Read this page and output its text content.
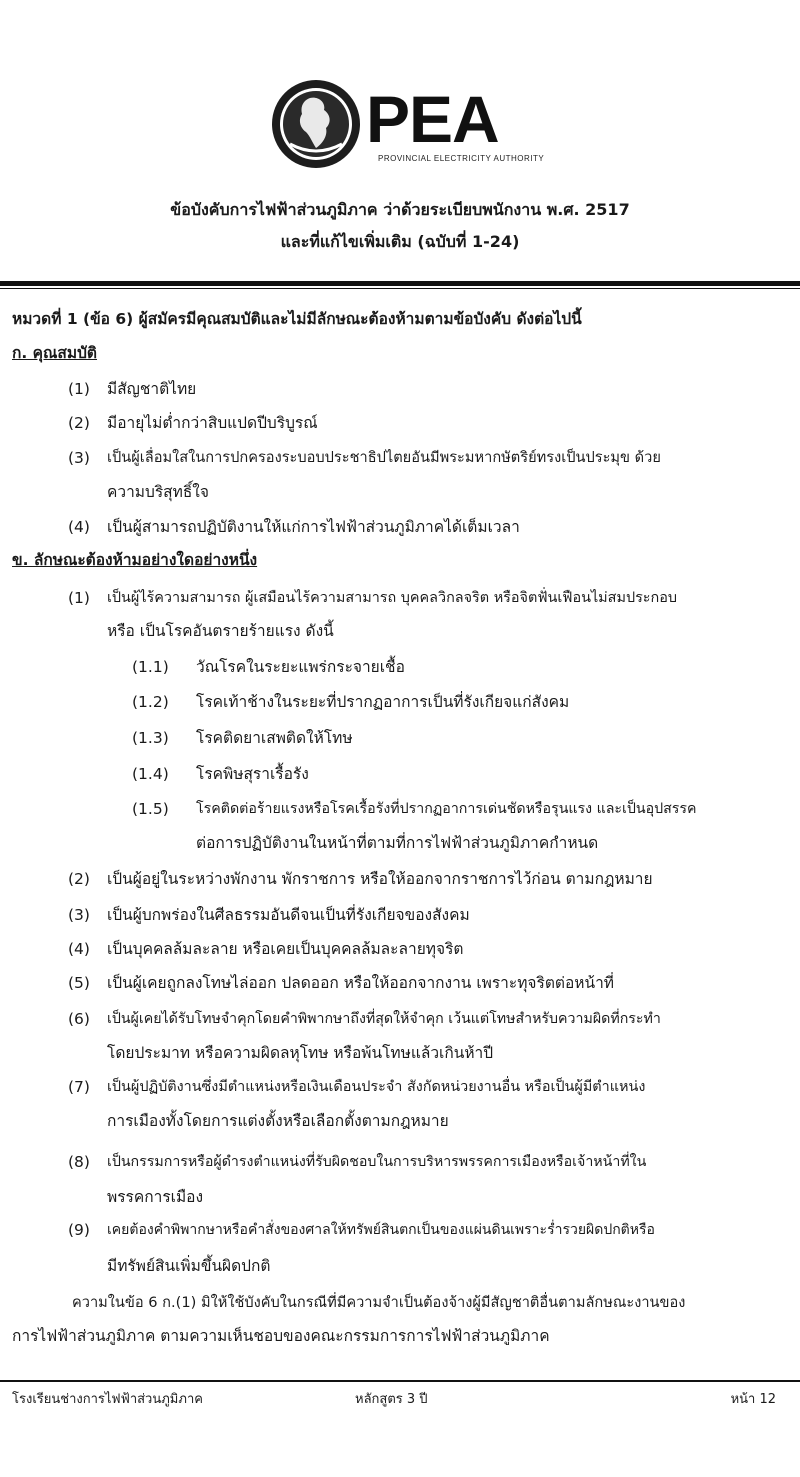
PEA
PROVINCIAL ELECTRICITY AUTHORITY
ข้อบังคับการไฟฟ้าส่วนภูมิภาค ว่าด้วยระเบียบพนักงาน พ.ศ. 2517
และที่แก้ไขเพิ่มเติม (ฉบับที่ 1-24)
หมวดที่ 1 (ข้อ 6) ผู้สมัครมีคุณสมบัติและไม่มีลักษณะต้องห้ามตามข้อบังคับ ดังต่อไปนี้
ก. คุณสมบัติ
(1) มีสัญชาติไทย
(2) มีอายุไม่ต่ำกว่าสิบแปดปีบริบูรณ์
(3) เป็นผู้เลื่อมใสในการปกครองระบอบประชาธิปไตยอันมีพระมหากษัตริย์ทรงเป็นประมุข ด้วย
ความบริสุทธิ์ใจ
(4) เป็นผู้สามารถปฏิบัติงานให้แก่การไฟฟ้าส่วนภูมิภาคได้เต็มเวลา
ข. ลักษณะต้องห้ามอย่างใดอย่างหนึ่ง
(1) เป็นผู้ไร้ความสามารถ ผู้เสมือนไร้ความสามารถ บุคคลวิกลจริต หรือจิตฟั่นเฟือนไม่สมประกอบ
หรือ เป็นโรคอันตรายร้ายแรง ดังนี้
(1.1) วัณโรคในระยะแพร่กระจายเชื้อ
(1.2) โรคเท้าช้างในระยะที่ปรากฏอาการเป็นที่รังเกียจแก่สังคม
(1.3) โรคติดยาเสพติดให้โทษ
(1.4) โรคพิษสุราเรื้อรัง
(1.5) โรคติดต่อร้ายแรงหรือโรคเรื้อรังที่ปรากฏอาการเด่นชัดหรือรุนแรง และเป็นอุปสรรค
ต่อการปฏิบัติงานในหน้าที่ตามที่การไฟฟ้าส่วนภูมิภาคกำหนด
(2) เป็นผู้อยู่ในระหว่างพักงาน พักราชการ หรือให้ออกจากราชการไว้ก่อน ตามกฎหมาย
(3) เป็นผู้บกพร่องในศีลธรรมอันดีจนเป็นที่รังเกียจของสังคม
(4) เป็นบุคคลล้มละลาย หรือเคยเป็นบุคคลล้มละลายทุจริต
(5) เป็นผู้เคยถูกลงโทษไล่ออก ปลดออก หรือให้ออกจากงาน เพราะทุจริตต่อหน้าที่
(6) เป็นผู้เคยได้รับโทษจำคุกโดยคำพิพากษาถึงที่สุดให้จำคุก เว้นแต่โทษสำหรับความผิดที่กระทำ
โดยประมาท หรือความผิดลหุโทษ หรือพ้นโทษแล้วเกินห้าปี
(7) เป็นผู้ปฏิบัติงานซึ่งมีตำแหน่งหรือเงินเดือนประจำ สังกัดหน่วยงานอื่น หรือเป็นผู้มีตำแหน่ง
การเมืองทั้งโดยการแต่งตั้งหรือเลือกตั้งตามกฎหมาย
(8) เป็นกรรมการหรือผู้ดำรงตำแหน่งที่รับผิดชอบในการบริหารพรรคการเมืองหรือเจ้าหน้าที่ใน
พรรคการเมือง
(9) เคยต้องคำพิพากษาหรือคำสั่งของศาลให้ทรัพย์สินตกเป็นของแผ่นดินเพราะร่ำรวยผิดปกติหรือ
มีทรัพย์สินเพิ่มขึ้นผิดปกติ
ความในข้อ 6 ก.(1) มิให้ใช้บังคับในกรณีที่มีความจำเป็นต้องจ้างผู้มีสัญชาติอื่นตามลักษณะงานของ
การไฟฟ้าส่วนภูมิภาค ตามความเห็นชอบของคณะกรรมการการไฟฟ้าส่วนภูมิภาค
โรงเรียนช่างการไฟฟ้าส่วนภูมิภาค	หลักสูตร 3 ปี	หน้า 12
